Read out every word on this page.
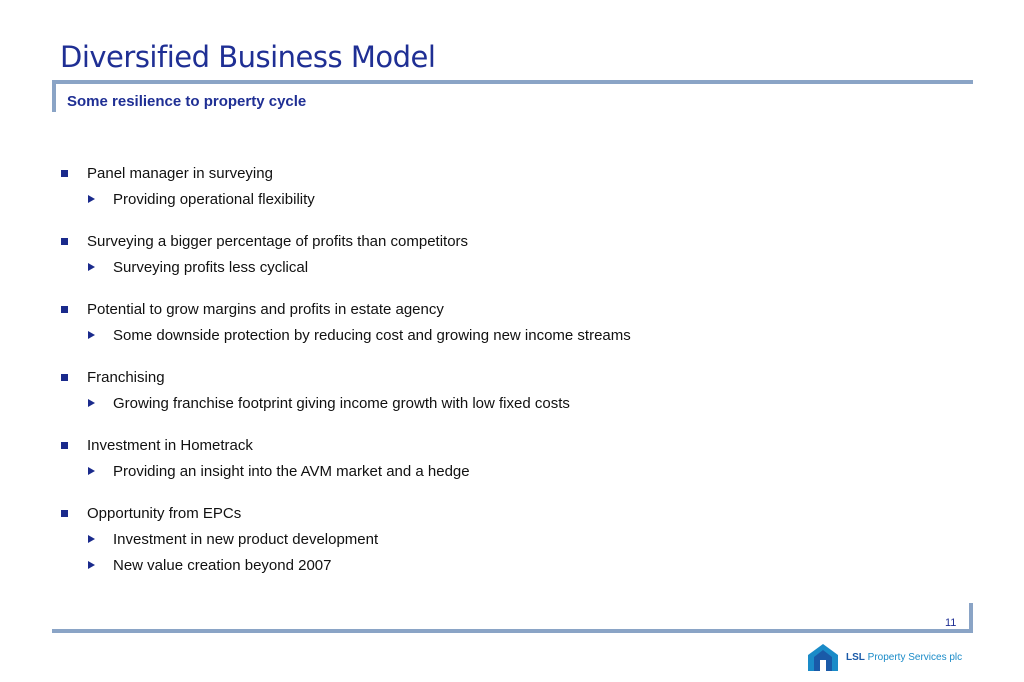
Diversified Business Model
Some resilience to property cycle
Panel manager in surveying
Providing operational flexibility
Surveying a bigger percentage of profits than competitors
Surveying profits less cyclical
Potential to grow margins and profits in estate agency
Some downside protection by reducing cost and growing new income streams
Franchising
Growing franchise footprint giving income growth with low fixed costs
Investment in Hometrack
Providing an insight into the AVM market and a hedge
Opportunity from EPCs
Investment in new product development
New value creation beyond 2007
11
LSL Property Services plc
